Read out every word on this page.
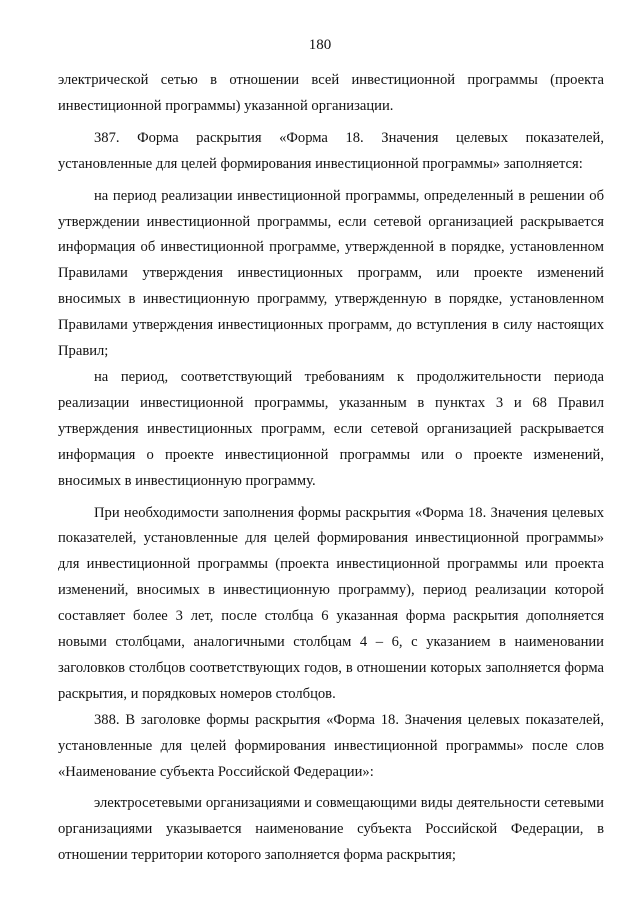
180

электрической сетью в отношении всей инвестиционной программы (проекта инвестиционной программы) указанной организации.

387. Форма раскрытия «Форма 18. Значения целевых показателей, установленные для целей формирования инвестиционной программы» заполняется:

на период реализации инвестиционной программы, определенный в решении об утверждении инвестиционной программы, если сетевой организацией раскрывается информация об инвестиционной программе, утвержденной в порядке, установленном Правилами утверждения инвестиционных программ, или проекте изменений вносимых в инвестиционную программу, утвержденную в порядке, установленном Правилами утверждения инвестиционных программ, до вступления в силу настоящих Правил;

на период, соответствующий требованиям к продолжительности периода реализации инвестиционной программы, указанным в пунктах 3 и 68 Правил утверждения инвестиционных программ, если сетевой организацией раскрывается информация о проекте инвестиционной программы или о проекте изменений, вносимых в инвестиционную программу.

При необходимости заполнения формы раскрытия «Форма 18. Значения целевых показателей, установленные для целей формирования инвестиционной программы» для инвестиционной программы (проекта инвестиционной программы или проекта изменений, вносимых в инвестиционную программу), период реализации которой составляет более 3 лет, после столбца 6 указанная форма раскрытия дополняется новыми столбцами, аналогичными столбцам 4 – 6, с указанием в наименовании заголовков столбцов соответствующих годов, в отношении которых заполняется форма раскрытия, и порядковых номеров столбцов.

388. В заголовке формы раскрытия «Форма 18. Значения целевых показателей, установленные для целей формирования инвестиционной программы» после слов «Наименование субъекта Российской Федерации»:

электросетевыми организациями и совмещающими виды деятельности сетевыми организациями указывается наименование субъекта Российской Федерации, в отношении территории которого заполняется форма раскрытия;
